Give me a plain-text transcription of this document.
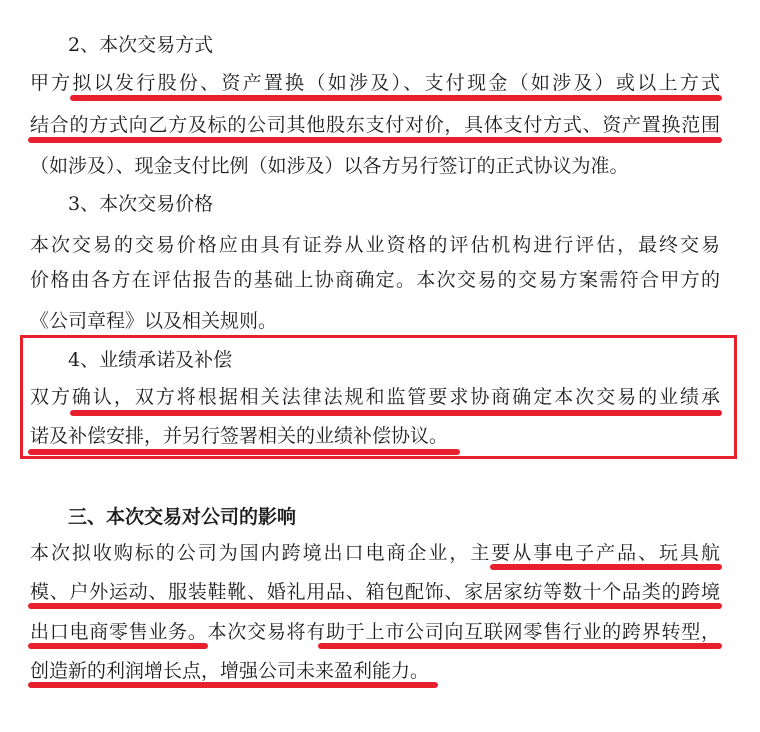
2、本次交易方式
甲方拟以发行股份、资产置换（如涉及）、支付现金（如涉及）或以上方式
结合的方式向乙方及标的公司其他股东支付对价，具体支付方式、资产置换范围
（如涉及）、现金支付比例（如涉及）以各方另行签订的正式协议为准。
3、本次交易价格
本次交易的交易价格应由具有证券从业资格的评估机构进行评估，最终交易
价格由各方在评估报告的基础上协商确定。本次交易的交易方案需符合甲方的
《公司章程》以及相关规则。
4、业绩承诺及补偿
双方确认，双方将根据相关法律法规和监管要求协商确定本次交易的业绩承
诺及补偿安排，并另行签署相关的业绩补偿协议。
三、本次交易对公司的影响
本次拟收购标的公司为国内跨境出口电商企业，主要从事电子产品、玩具航
模、户外运动、服装鞋靴、婚礼用品、箱包配饰、家居家纺等数十个品类的跨境
出口电商零售业务。本次交易将有助于上市公司向互联网零售行业的跨界转型，
创造新的利润增长点，增强公司未来盈利能力。
